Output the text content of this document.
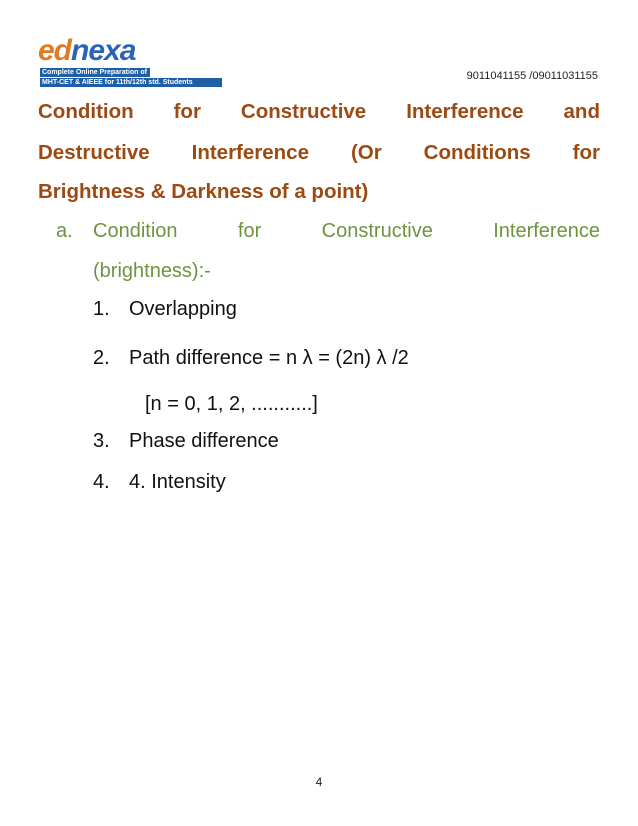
ednexa
Complete Online Preparation of
MHT-CET & AIEEE for 11th/12th std. Students
9011041155 /09011031155
Condition for Constructive Interference and
Destructive Interference (Or Conditions for
Brightness & Darkness of a point)
a. Condition	for	Constructive	Interference
(brightness):-
1. Overlapping
2. Path difference = n λ = (2n) λ /2
[n = 0, 1, 2, ...........]
3. Phase difference
4. 4. Intensity
4
